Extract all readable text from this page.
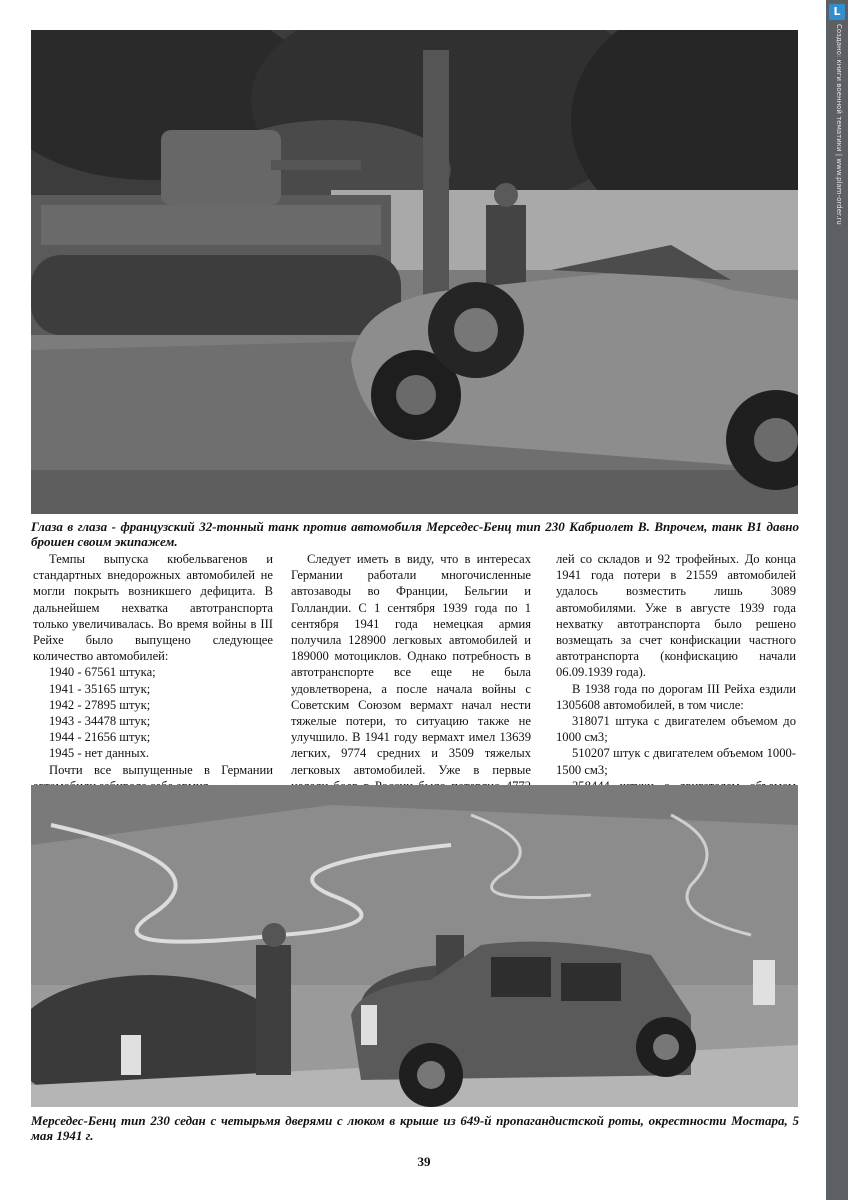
Глаза в глаза - французский 32-тонный танк против автомобиля Мерседес-Бенц тип 230 Кабриолет В. Впрочем, танк В1 давно брошен своим экипажем.

Темпы выпуска кюбельвагенов и стандартных внедорожных автомобилей не могли покрыть возникшего дефицита. В дальнейшем нехватка автотранспорта только увеличивалась. Во время войны в III Рейхе было выпущено следующее количество автомобилей:

1940 - 67561 штука;
1941 - 35165 штук;
1942 - 27895 штук;
1943 - 34478 штук;
1944 - 21656 штук;
1945 - нет данных.

Почти все выпущенные в Германии

Следует иметь в виду, что в интересах Германии работали многочисленные автозаводы во Франции, Бельгии и Голландии. С 1 сентября 1939 года по 1 сентября 1941 года немецкая армия получила 128900 легковых автомобилей и 189000 мотоциклов. Однако потребность в автотранспорте все еще не была удовлетворена, а после начала войны с Советским Союзом вермахт начал нести тяжелые потери, то ситуацию также не улучшило. В 1941 году вермахт имел 13639 легких, 9774 средних и 3509 тяжелых легковых автомобилей. Уже в первые

лей со складов и 92 трофейных. До конца 1941 года потери в 21559 автомобилей удалось возместить лишь 3089 автомобилями. Уже в августе 1939 года нехватку автотранспорта было решено возмещать за счет конфискации частного автотранспорта (конфискацию начали 06.09.1939 года).

В 1938 года по дорогам III Рейха ездили 1305608 автомобилей, в том числе:

318071 штука с двигателем объемом до 1000 см3;

510207 штук с двигателем объемом 1000-1500 см3;

Мерседес-Бенц тип 230 седан с четырьмя дверями с люком в крыше из 649-й пропагандистской роты, окрестности Мостара, 5 мая 1941 г.
39
L
Создано: книги военной тематики | www.plam-order.ru
